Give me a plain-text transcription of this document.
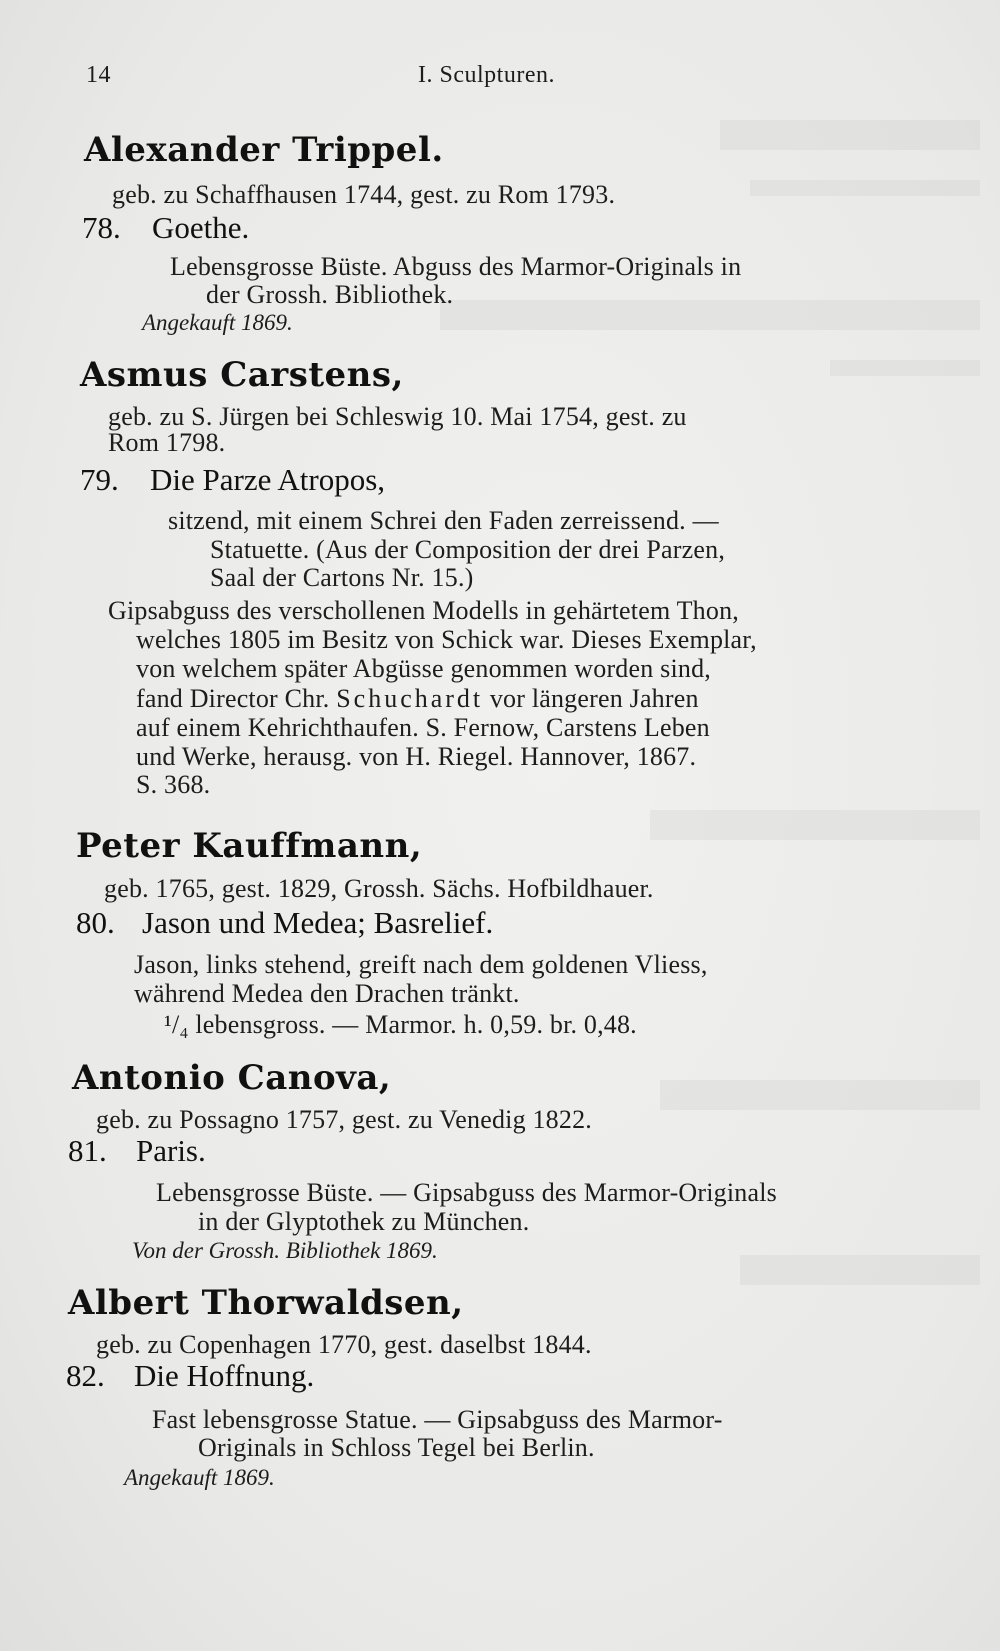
14	I. Sculpturen.
Alexander Trippel.
geb. zu Schaffhausen 1744, gest. zu Rom 1793.
78. Goethe.
Lebensgrosse Büste. Abguss des Marmor-Originals in
der Grossh. Bibliothek.
Angekauft 1869.
Asmus Carstens,
geb. zu S. Jürgen bei Schleswig 10. Mai 1754, gest. zu
Rom 1798.
79. Die Parze Atropos,
sitzend, mit einem Schrei den Faden zerreissend. —
Statuette. (Aus der Composition der drei Parzen,
Saal der Cartons Nr. 15.)
Gipsabguss des verschollenen Modells in gehärtetem Thon,
welches 1805 im Besitz von Schick war. Dieses Exemplar,
von welchem später Abgüsse genommen worden sind,
fand Director Chr. Schuchardt vor längeren Jahren
auf einem Kehrichthaufen. S. Fernow, Carstens Leben
und Werke, herausg. von H. Riegel. Hannover, 1867.
S. 368.
Peter Kauffmann,
geb. 1765, gest. 1829, Grossh. Sächs. Hofbildhauer.
80. Jason und Medea; Basrelief.
Jason, links stehend, greift nach dem goldenen Vliess,
während Medea den Drachen tränkt.
¹/₄ lebensgross. — Marmor. h. 0,59. br. 0,48.
Antonio Canova,
geb. zu Possagno 1757, gest. zu Venedig 1822.
81. Paris.
Lebensgrosse Büste. — Gipsabguss des Marmor-Originals
in der Glyptothek zu München.
Von der Grossh. Bibliothek 1869.
Albert Thorwaldsen,
geb. zu Copenhagen 1770, gest. daselbst 1844.
82. Die Hoffnung.
Fast lebensgrosse Statue. — Gipsabguss des Marmor-
Originals in Schloss Tegel bei Berlin.
Angekauft 1869.
